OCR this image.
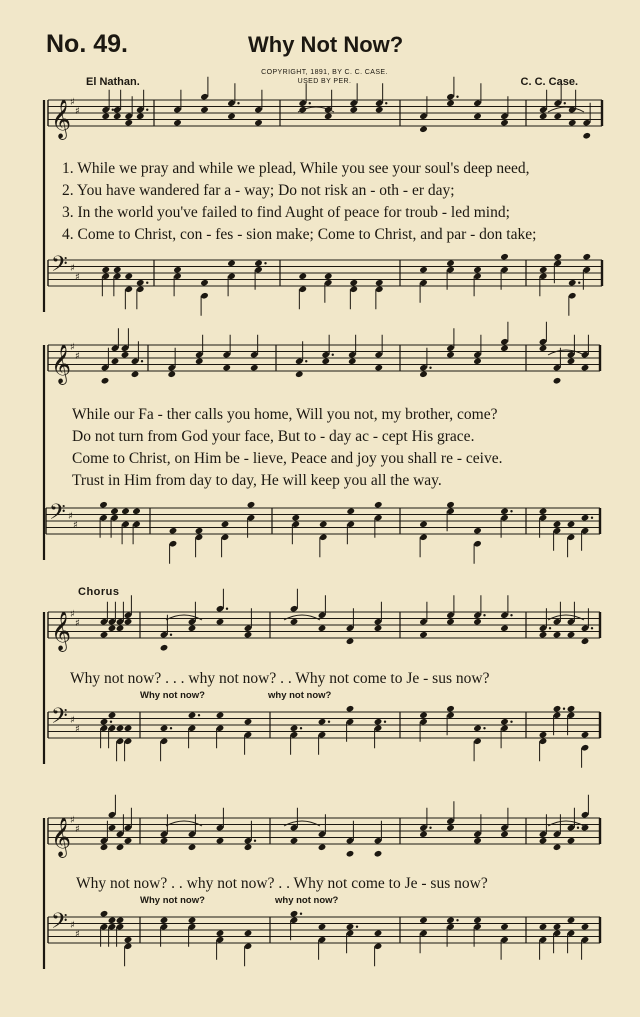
No. 49.	Why Not Now?
El Nathan.
COPYRIGHT, 1891, BY C. C. CASE.
USED BY PER.	C. C. Case.
𝄞
♯
♯
𝄢 ♯
♯
𝄞
♯
♯
𝄢 ♯
♯
𝄞
♯
♯
𝄢 ♯
♯
𝄞
♯
♯
𝄢 ♯
♯
1. While we pray and while we plead, While you see your soul's deep need,
2. You have wandered far a - way; Do not risk an - oth - er day;
3. In the world you've failed to find Aught of peace for troub - led mind;
4. Come to Christ, con - fes - sion make; Come to Christ, and par - don take;
While our Fa - ther calls you home, Will you not, my brother, come?
Do not turn from God your face, But to - day ac - cept His grace.
Come to Christ, on Him be - lieve, Peace and joy you shall re - ceive.
Trust in Him from day to day, He will keep you all the way.
Chorus
Why not now? . . . why not now? . . Why not come to Je - sus now?
Why not now?	why not now?
Why not now? . . why not now? . . Why not come to Je - sus now?
Why not now?	why not now?
